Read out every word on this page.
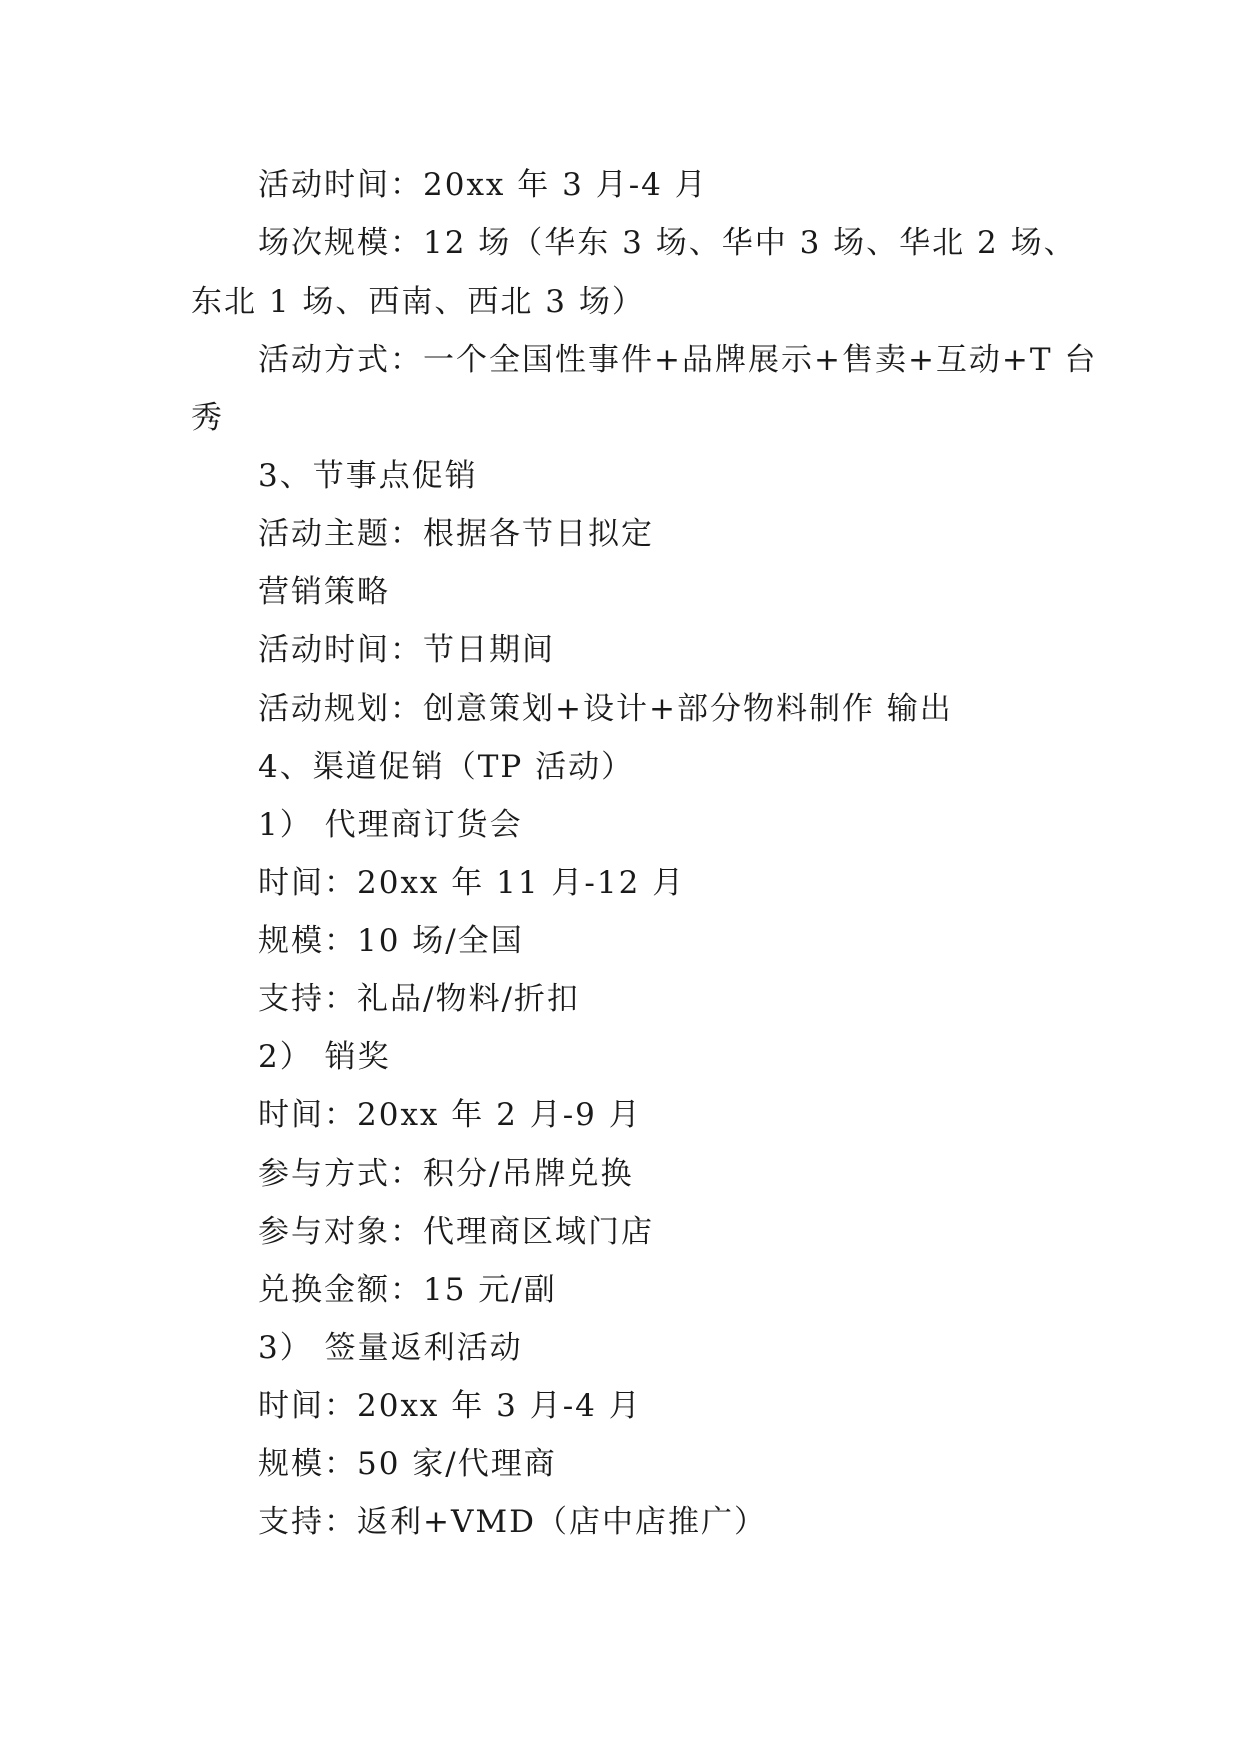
活动时间：20xx 年 3 月-4 月
场次规模：12 场（华东 3 场、华中 3 场、华北 2 场、
东北 1 场、西南、西北 3 场）
活动方式：一个全国性事件+品牌展示+售卖+互动+T 台
秀
3、节事点促销
活动主题：根据各节日拟定
营销策略
活动时间：节日期间
活动规划：创意策划+设计+部分物料制作 输出
4、渠道促销（TP 活动）
1） 代理商订货会
时间：20xx 年 11 月-12 月
规模：10 场/全国
支持：礼品/物料/折扣
2） 销奖
时间：20xx 年 2 月-9 月
参与方式：积分/吊牌兑换
参与对象：代理商区域门店
兑换金额：15 元/副
3） 签量返利活动
时间：20xx 年 3 月-4 月
规模：50 家/代理商
支持：返利+VMD（店中店推广）
